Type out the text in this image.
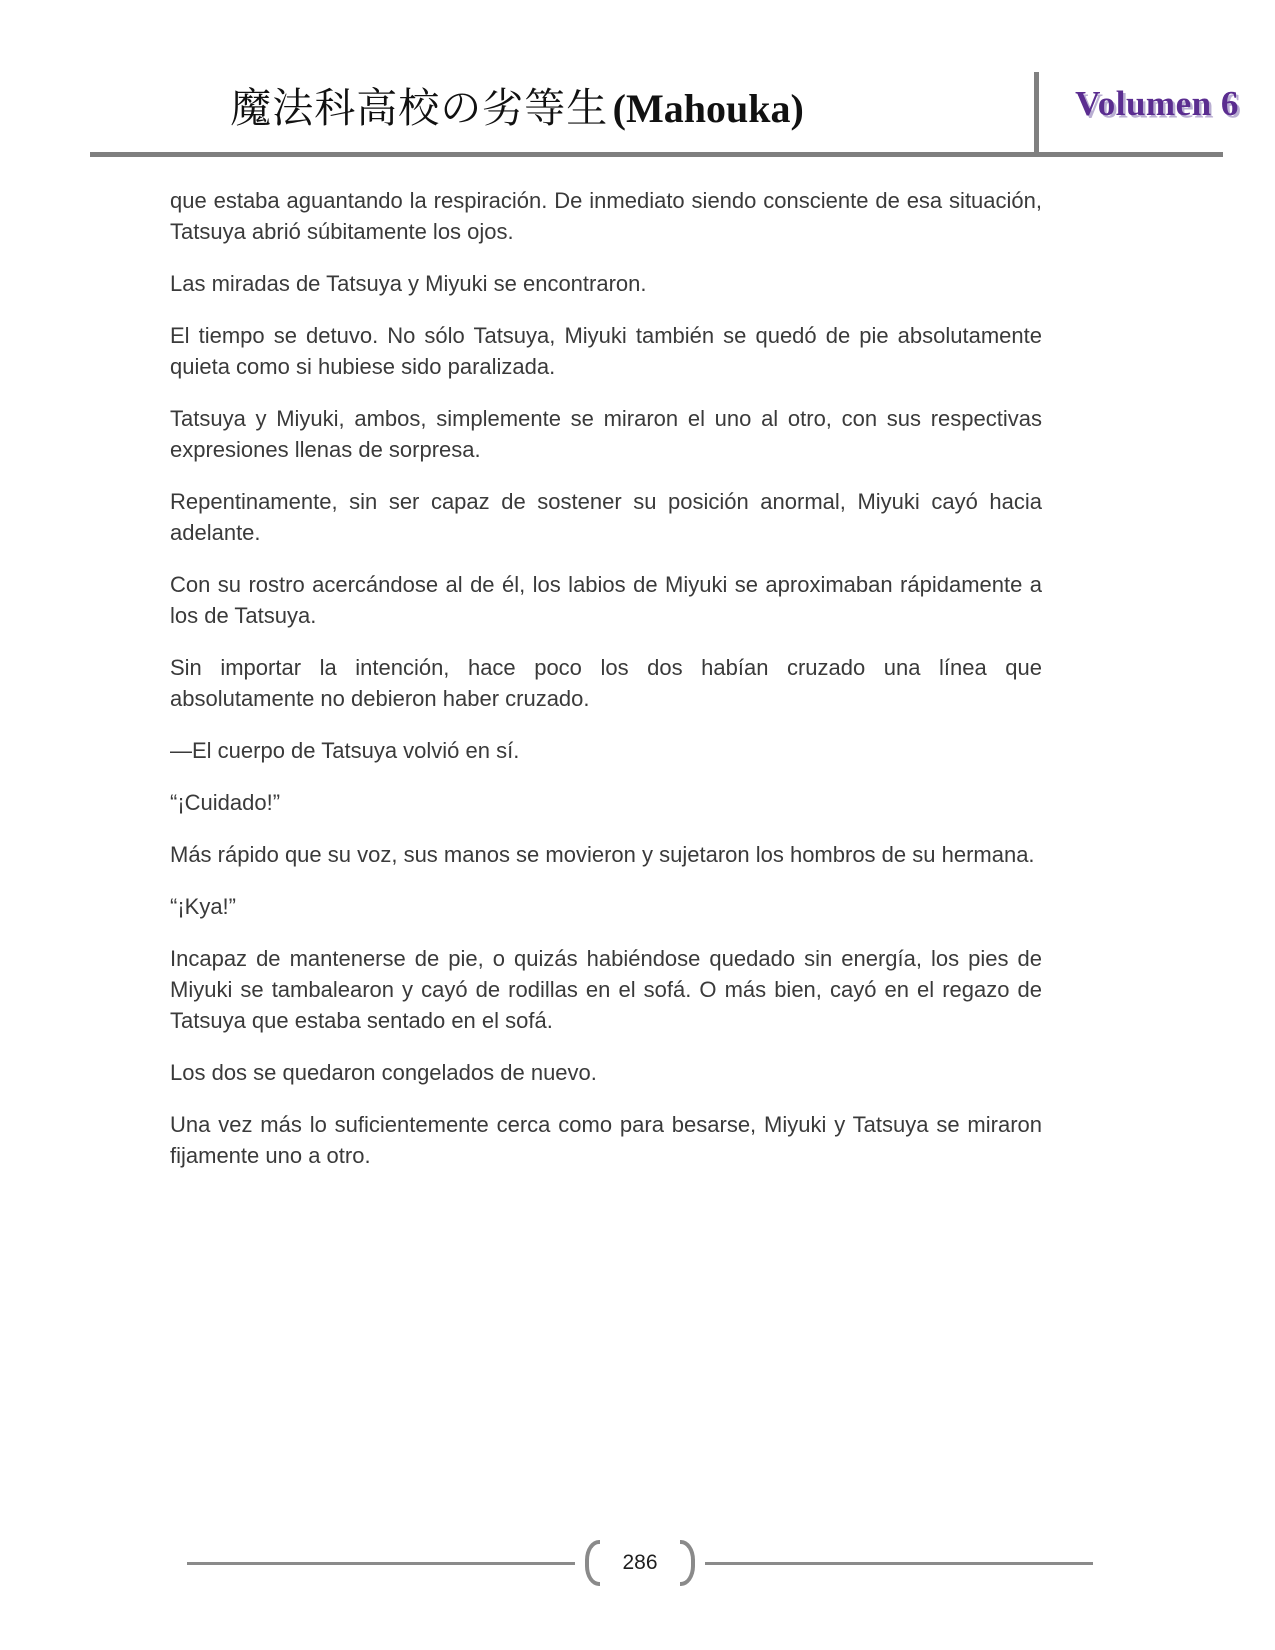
魔法科高校の劣等生 (Mahouka)	Volumen 6

que estaba aguantando la respiración. De inmediato siendo consciente de esa situación, Tatsuya abrió súbitamente los ojos.

Las miradas de Tatsuya y Miyuki se encontraron.

El tiempo se detuvo. No sólo Tatsuya, Miyuki también se quedó de pie absolutamente quieta como si hubiese sido paralizada.

Tatsuya y Miyuki, ambos, simplemente se miraron el uno al otro, con sus respectivas expresiones llenas de sorpresa.

Repentinamente, sin ser capaz de sostener su posición anormal, Miyuki cayó hacia adelante.

Con su rostro acercándose al de él, los labios de Miyuki se aproximaban rápidamente a los de Tatsuya.

Sin importar la intención, hace poco los dos habían cruzado una línea que absolutamente no debieron haber cruzado.

—El cuerpo de Tatsuya volvió en sí.

“¡Cuidado!”

Más rápido que su voz, sus manos se movieron y sujetaron los hombros de su hermana.

“¡Kya!”

Incapaz de mantenerse de pie, o quizás habiéndose quedado sin energía, los pies de Miyuki se tambalearon y cayó de rodillas en el sofá. O más bien, cayó en el regazo de Tatsuya que estaba sentado en el sofá.

Los dos se quedaron congelados de nuevo.

Una vez más lo suficientemente cerca como para besarse, Miyuki y Tatsuya se miraron fijamente uno a otro.

286
